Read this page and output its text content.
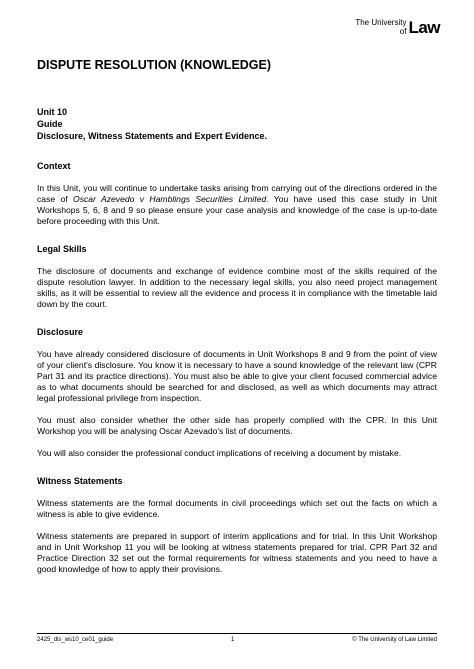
The University
of Law
DISPUTE RESOLUTION (KNOWLEDGE)
Unit 10
Guide
Disclosure, Witness Statements and Expert Evidence.
Context

In this Unit, you will continue to undertake tasks arising from carrying out of the directions ordered in the case of Oscar Azevedo v Hamblings Securities Limited. You have used this case study in Unit Workshops 5, 6, 8 and 9 so please ensure your case analysis and knowledge of the case is up-to-date before proceeding with this Unit.

Legal Skills

The disclosure of documents and exchange of evidence combine most of the skills required of the dispute resolution lawyer. In addition to the necessary legal skills, you also need project management skills, as it will be essential to review all the evidence and process it in compliance with the timetable laid down by the court.

Disclosure

You have already considered disclosure of documents in Unit Workshops 8 and 9 from the point of view of your client's disclosure. You know it is necessary to have a sound knowledge of the relevant law (CPR Part 31 and its practice directions). You must also be able to give your client focused commercial advice as to what documents should be searched for and disclosed, as well as which documents may attract legal professional privilege from inspection.

You must also consider whether the other side has properly complied with the CPR. In this Unit Workshop you will be analysing Oscar Azevado's list of documents.

You will also consider the professional conduct implications of receiving a document by mistake.

Witness Statements

Witness statements are the formal documents in civil proceedings which set out the facts on which a witness is able to give evidence.

Witness statements are prepared in support of interim applications and for trial. In this Unit Workshop and in Unit Workshop 11 you will be looking at witness statements prepared for trial. CPR Part 32 and Practice Direction 32 set out the formal requirements for witness statements and you need to have a good knowledge of how to apply their provisions.

2425_dis_ws10_ce01_guide	1	© The University of Law Limited
